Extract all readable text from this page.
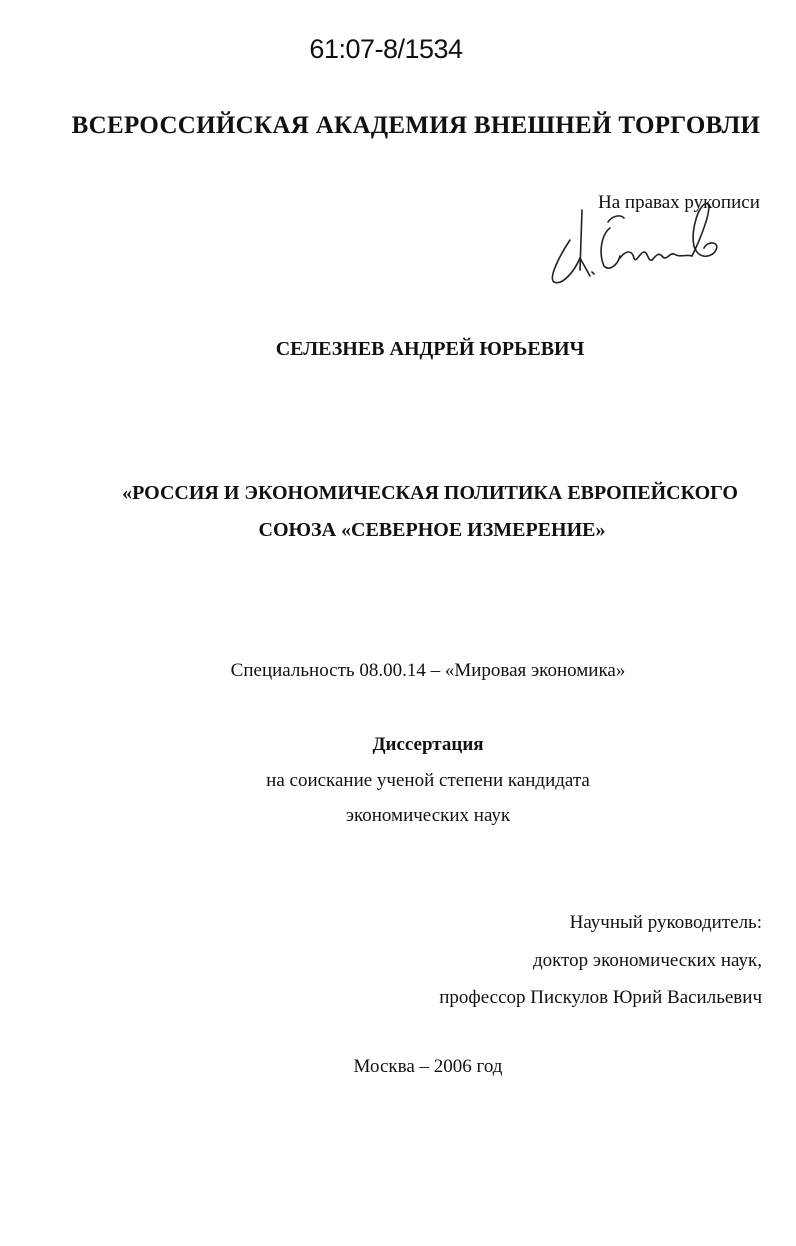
61:07-8/1534
ВСЕРОССИЙСКАЯ АКАДЕМИЯ ВНЕШНЕЙ ТОРГОВЛИ
На правах рукописи
СЕЛЕЗНЕВ АНДРЕЙ ЮРЬЕВИЧ
«РОССИЯ И ЭКОНОМИЧЕСКАЯ ПОЛИТИКА ЕВРОПЕЙСКОГО
СОЮЗА «СЕВЕРНОЕ ИЗМЕРЕНИЕ»
Специальность 08.00.14 – «Мировая экономика»
Диссертация
на соискание ученой степени кандидата
экономических наук
Научный руководитель:
доктор экономических наук,
профессор Пискулов Юрий Васильевич
Москва – 2006 год
